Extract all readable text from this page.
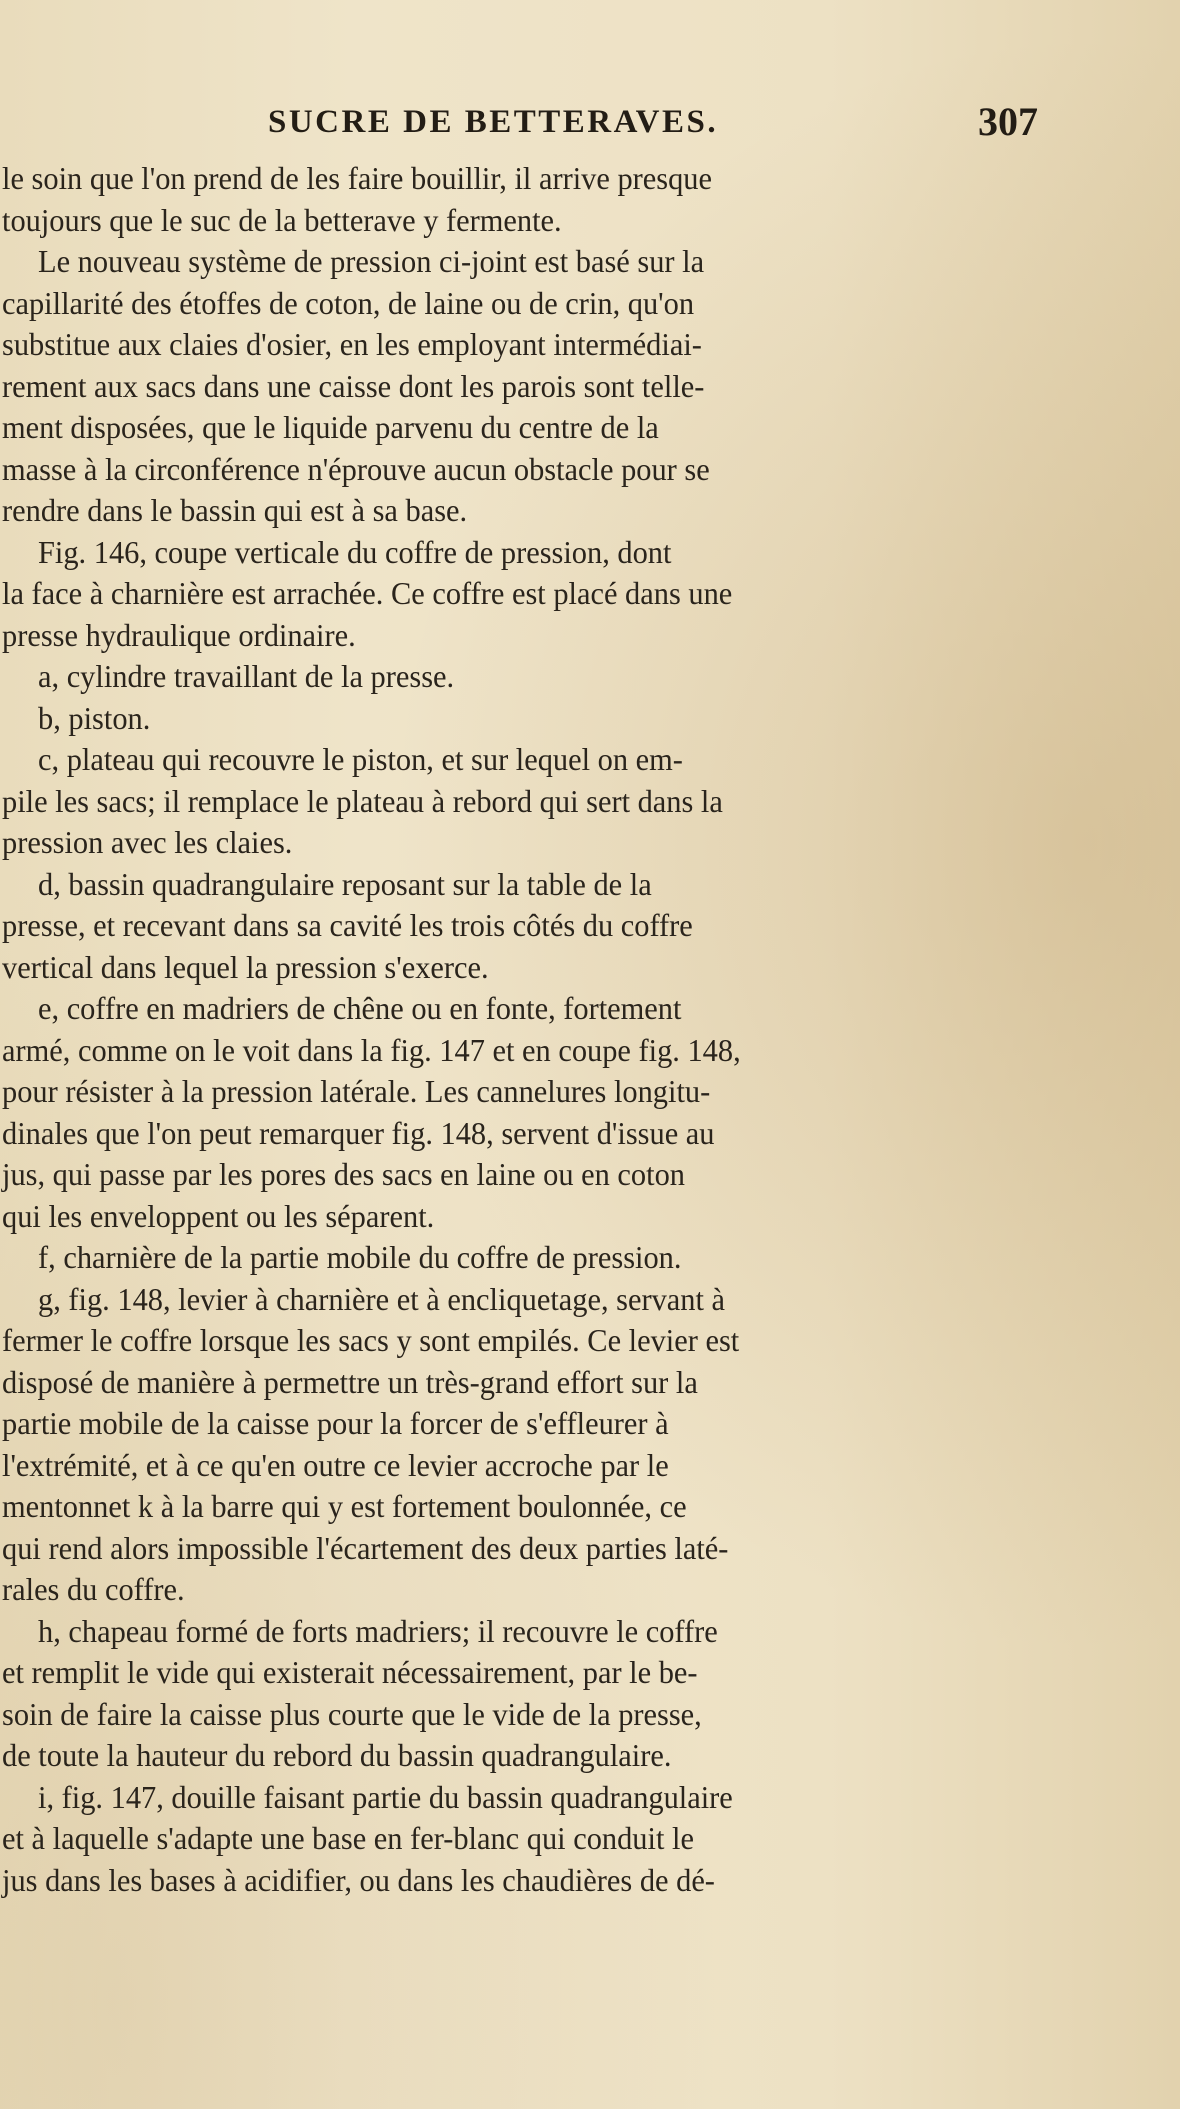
SUCRE DE BETTERAVES.	307
le soin que l'on prend de les faire bouillir, il arrive presque
toujours que le suc de la betterave y fermente.
Le nouveau système de pression ci-joint est basé sur la
capillarité des étoffes de coton, de laine ou de crin, qu'on
substitue aux claies d'osier, en les employant intermédiai-
rement aux sacs dans une caisse dont les parois sont telle-
ment disposées, que le liquide parvenu du centre de la
masse à la circonférence n'éprouve aucun obstacle pour se
rendre dans le bassin qui est à sa base.
Fig. 146, coupe verticale du coffre de pression, dont
la face à charnière est arrachée. Ce coffre est placé dans une
presse hydraulique ordinaire.
a, cylindre travaillant de la presse.
b, piston.
c, plateau qui recouvre le piston, et sur lequel on em-
pile les sacs; il remplace le plateau à rebord qui sert dans la
pression avec les claies.
d, bassin quadrangulaire reposant sur la table de la
presse, et recevant dans sa cavité les trois côtés du coffre
vertical dans lequel la pression s'exerce.
e, coffre en madriers de chêne ou en fonte, fortement
armé, comme on le voit dans la fig. 147 et en coupe fig. 148,
pour résister à la pression latérale. Les cannelures longitu-
dinales que l'on peut remarquer fig. 148, servent d'issue au
jus, qui passe par les pores des sacs en laine ou en coton
qui les enveloppent ou les séparent.
f, charnière de la partie mobile du coffre de pression.
g, fig. 148, levier à charnière et à encliquetage, servant à
fermer le coffre lorsque les sacs y sont empilés. Ce levier est
disposé de manière à permettre un très-grand effort sur la
partie mobile de la caisse pour la forcer de s'effleurer à
l'extrémité, et à ce qu'en outre ce levier accroche par le
mentonnet k à la barre qui y est fortement boulonnée, ce
qui rend alors impossible l'écartement des deux parties laté-
rales du coffre.
h, chapeau formé de forts madriers; il recouvre le coffre
et remplit le vide qui existerait nécessairement, par le be-
soin de faire la caisse plus courte que le vide de la presse,
de toute la hauteur du rebord du bassin quadrangulaire.
i, fig. 147, douille faisant partie du bassin quadrangulaire
et à laquelle s'adapte une base en fer-blanc qui conduit le
jus dans les bases à acidifier, ou dans les chaudières de dé-
